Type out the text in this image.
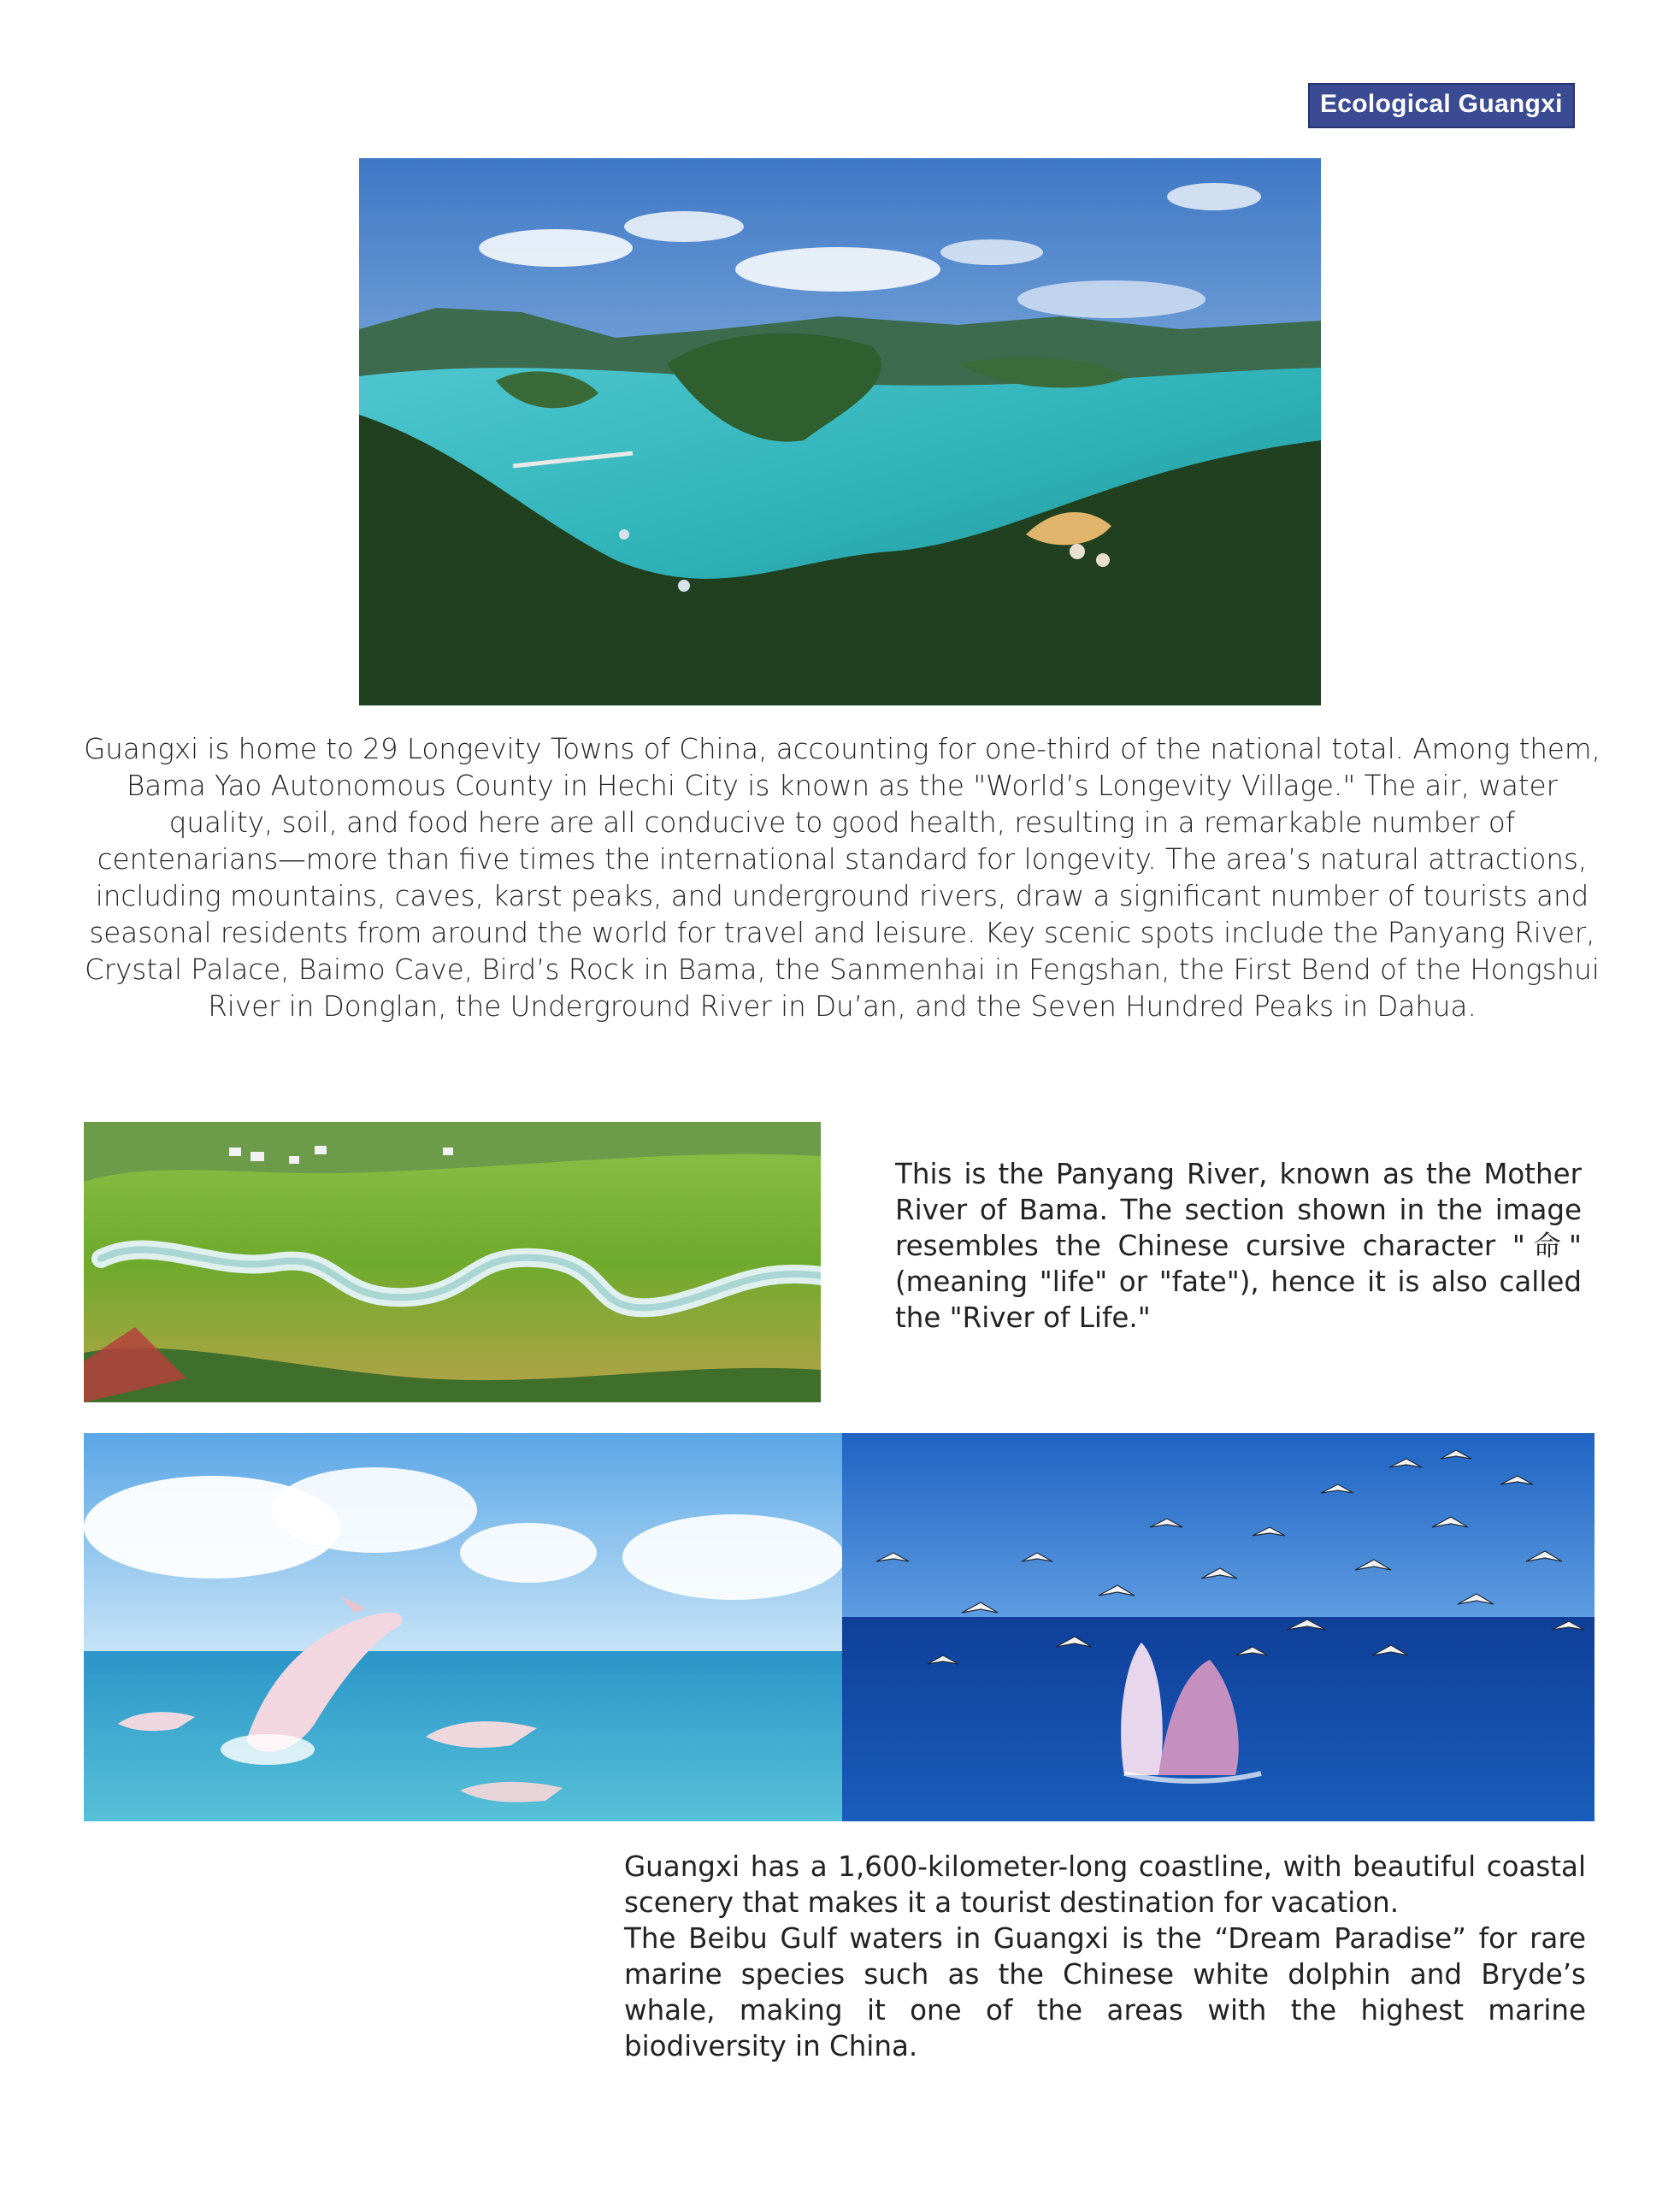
Ecological Guangxi

Guangxi is home to 29 Longevity Towns of China, accounting for one-third of the national total. Among them, Bama Yao Autonomous County in Hechi City is known as the "World’s Longevity Village." The air, water quality, soil, and food here are all conducive to good health, resulting in a remarkable number of centenarians—more than five times the international standard for longevity. The area’s natural attractions, including mountains, caves, karst peaks, and underground rivers, draw a significant number of tourists and seasonal residents from around the world for travel and leisure. Key scenic spots include the Panyang River, Crystal Palace, Baimo Cave, Bird’s Rock in Bama, the Sanmenhai in Fengshan, the First Bend of the Hongshui River in Donglan, the Underground River in Du’an, and the Seven Hundred Peaks in Dahua.

This is the Panyang River, known as the Mother River of Bama. The section shown in the image resembles the Chinese cursive character "命" (meaning "life" or "fate"), hence it is also called the "River of Life."

Guangxi has a 1,600-kilometer-long coastline, with beautiful coastal scenery that makes it a tourist destination for vacation.

The Beibu Gulf waters in Guangxi is the “Dream Paradise” for rare marine species such as the Chinese white dolphin and Bryde’s whale, making it one of the areas with the highest marine biodiversity in China.
